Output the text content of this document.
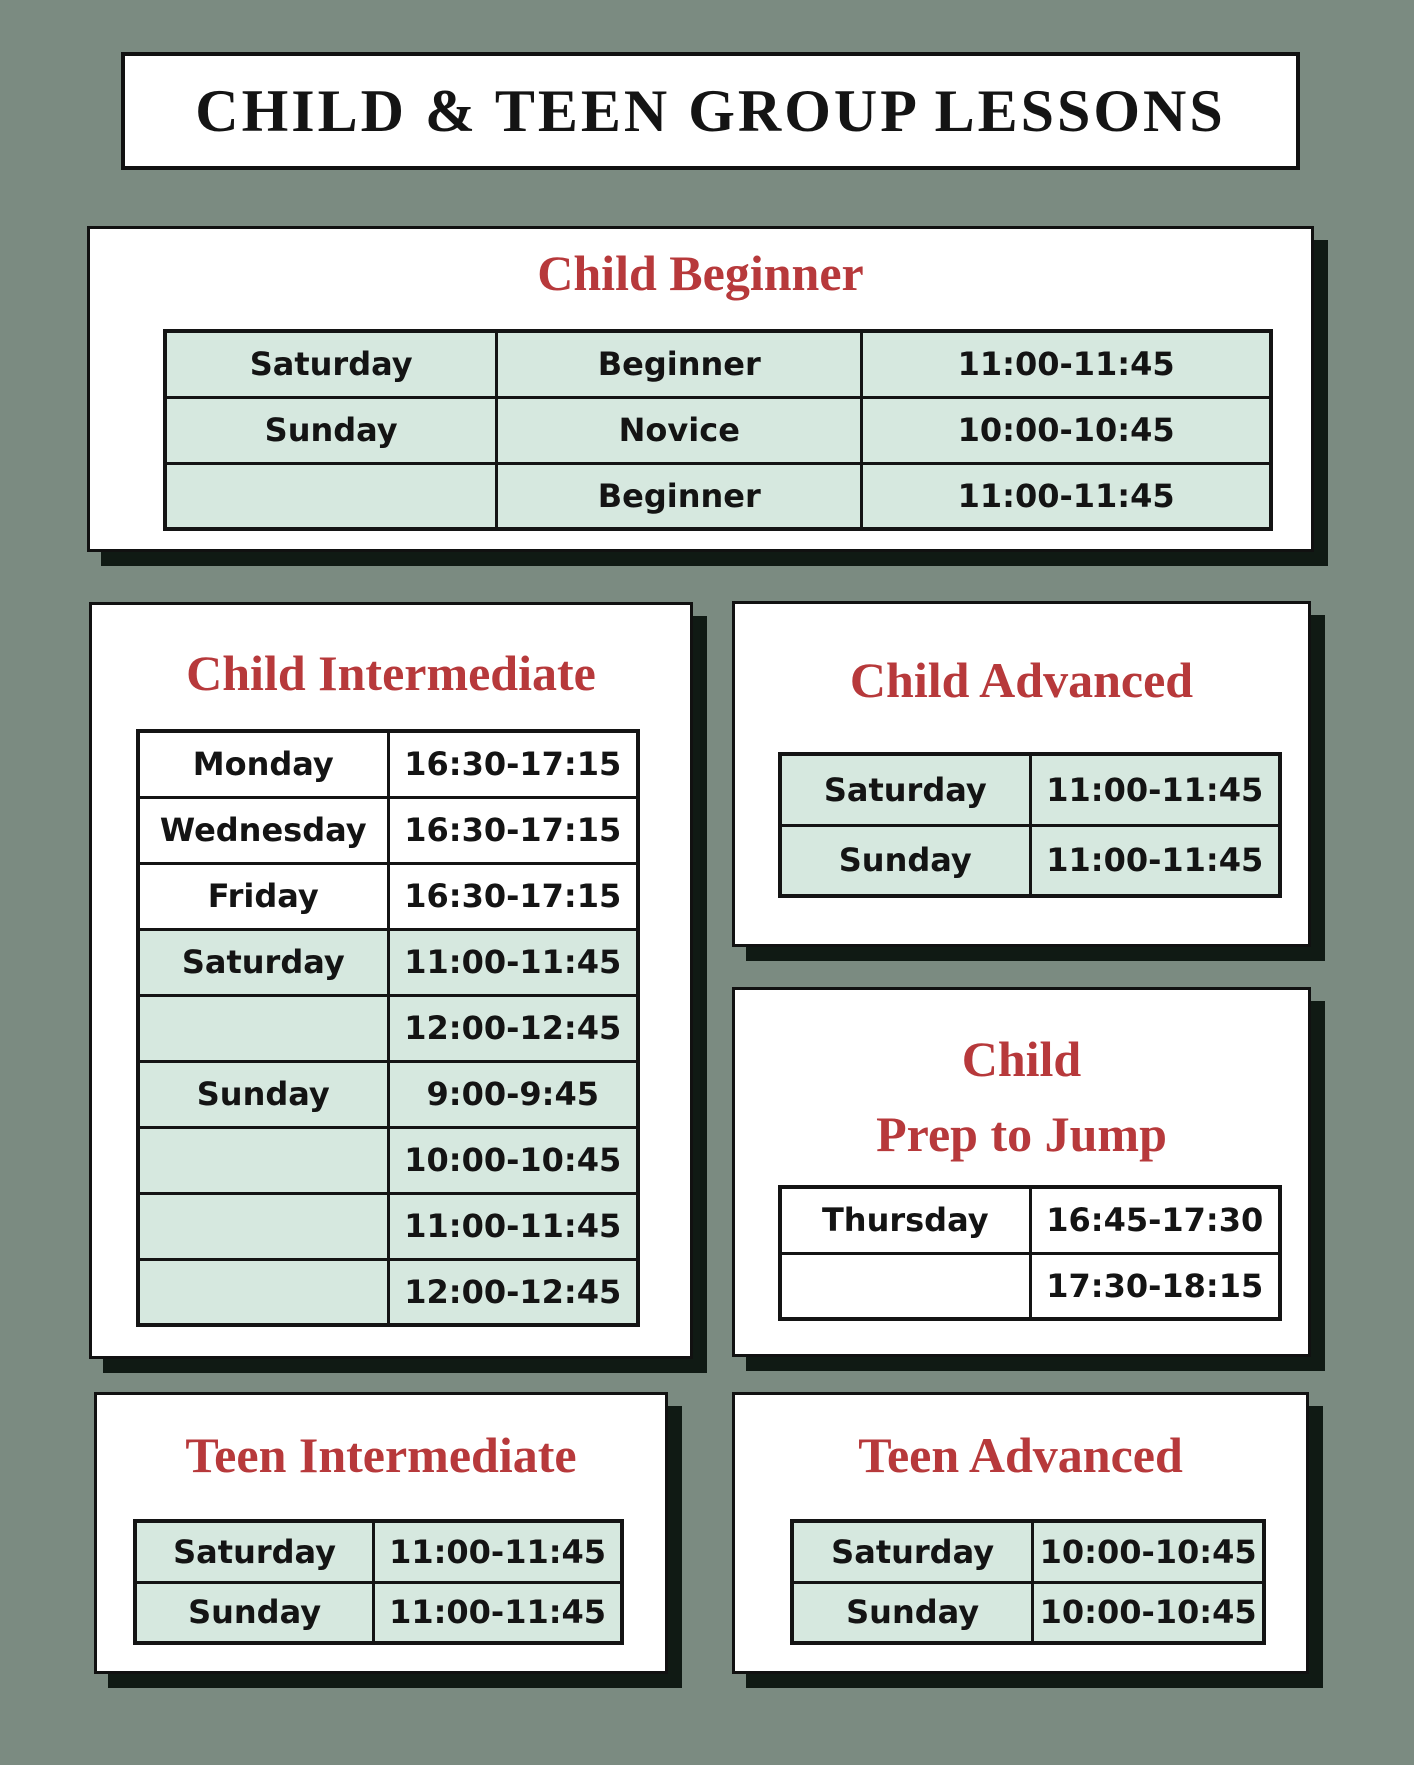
CHILD & TEEN GROUP LESSONS
Child Beginner
Saturday	Beginner	11:00-11:45
Sunday	Novice	10:00-10:45
	Beginner	11:00-11:45
Child Intermediate
Monday	16:30-17:15
Wednesday	16:30-17:15
Friday	16:30-17:15
Saturday	11:00-11:45
	12:00-12:45
Sunday	9:00-9:45
	10:00-10:45
	11:00-11:45
	12:00-12:45
Child Advanced
Saturday	11:00-11:45
Sunday	11:00-11:45
Child
Prep to Jump
Thursday	16:45-17:30
	17:30-18:15
Teen Intermediate
Saturday	11:00-11:45
Sunday	11:00-11:45
Teen Advanced
Saturday	10:00-10:45
Sunday	10:00-10:45
